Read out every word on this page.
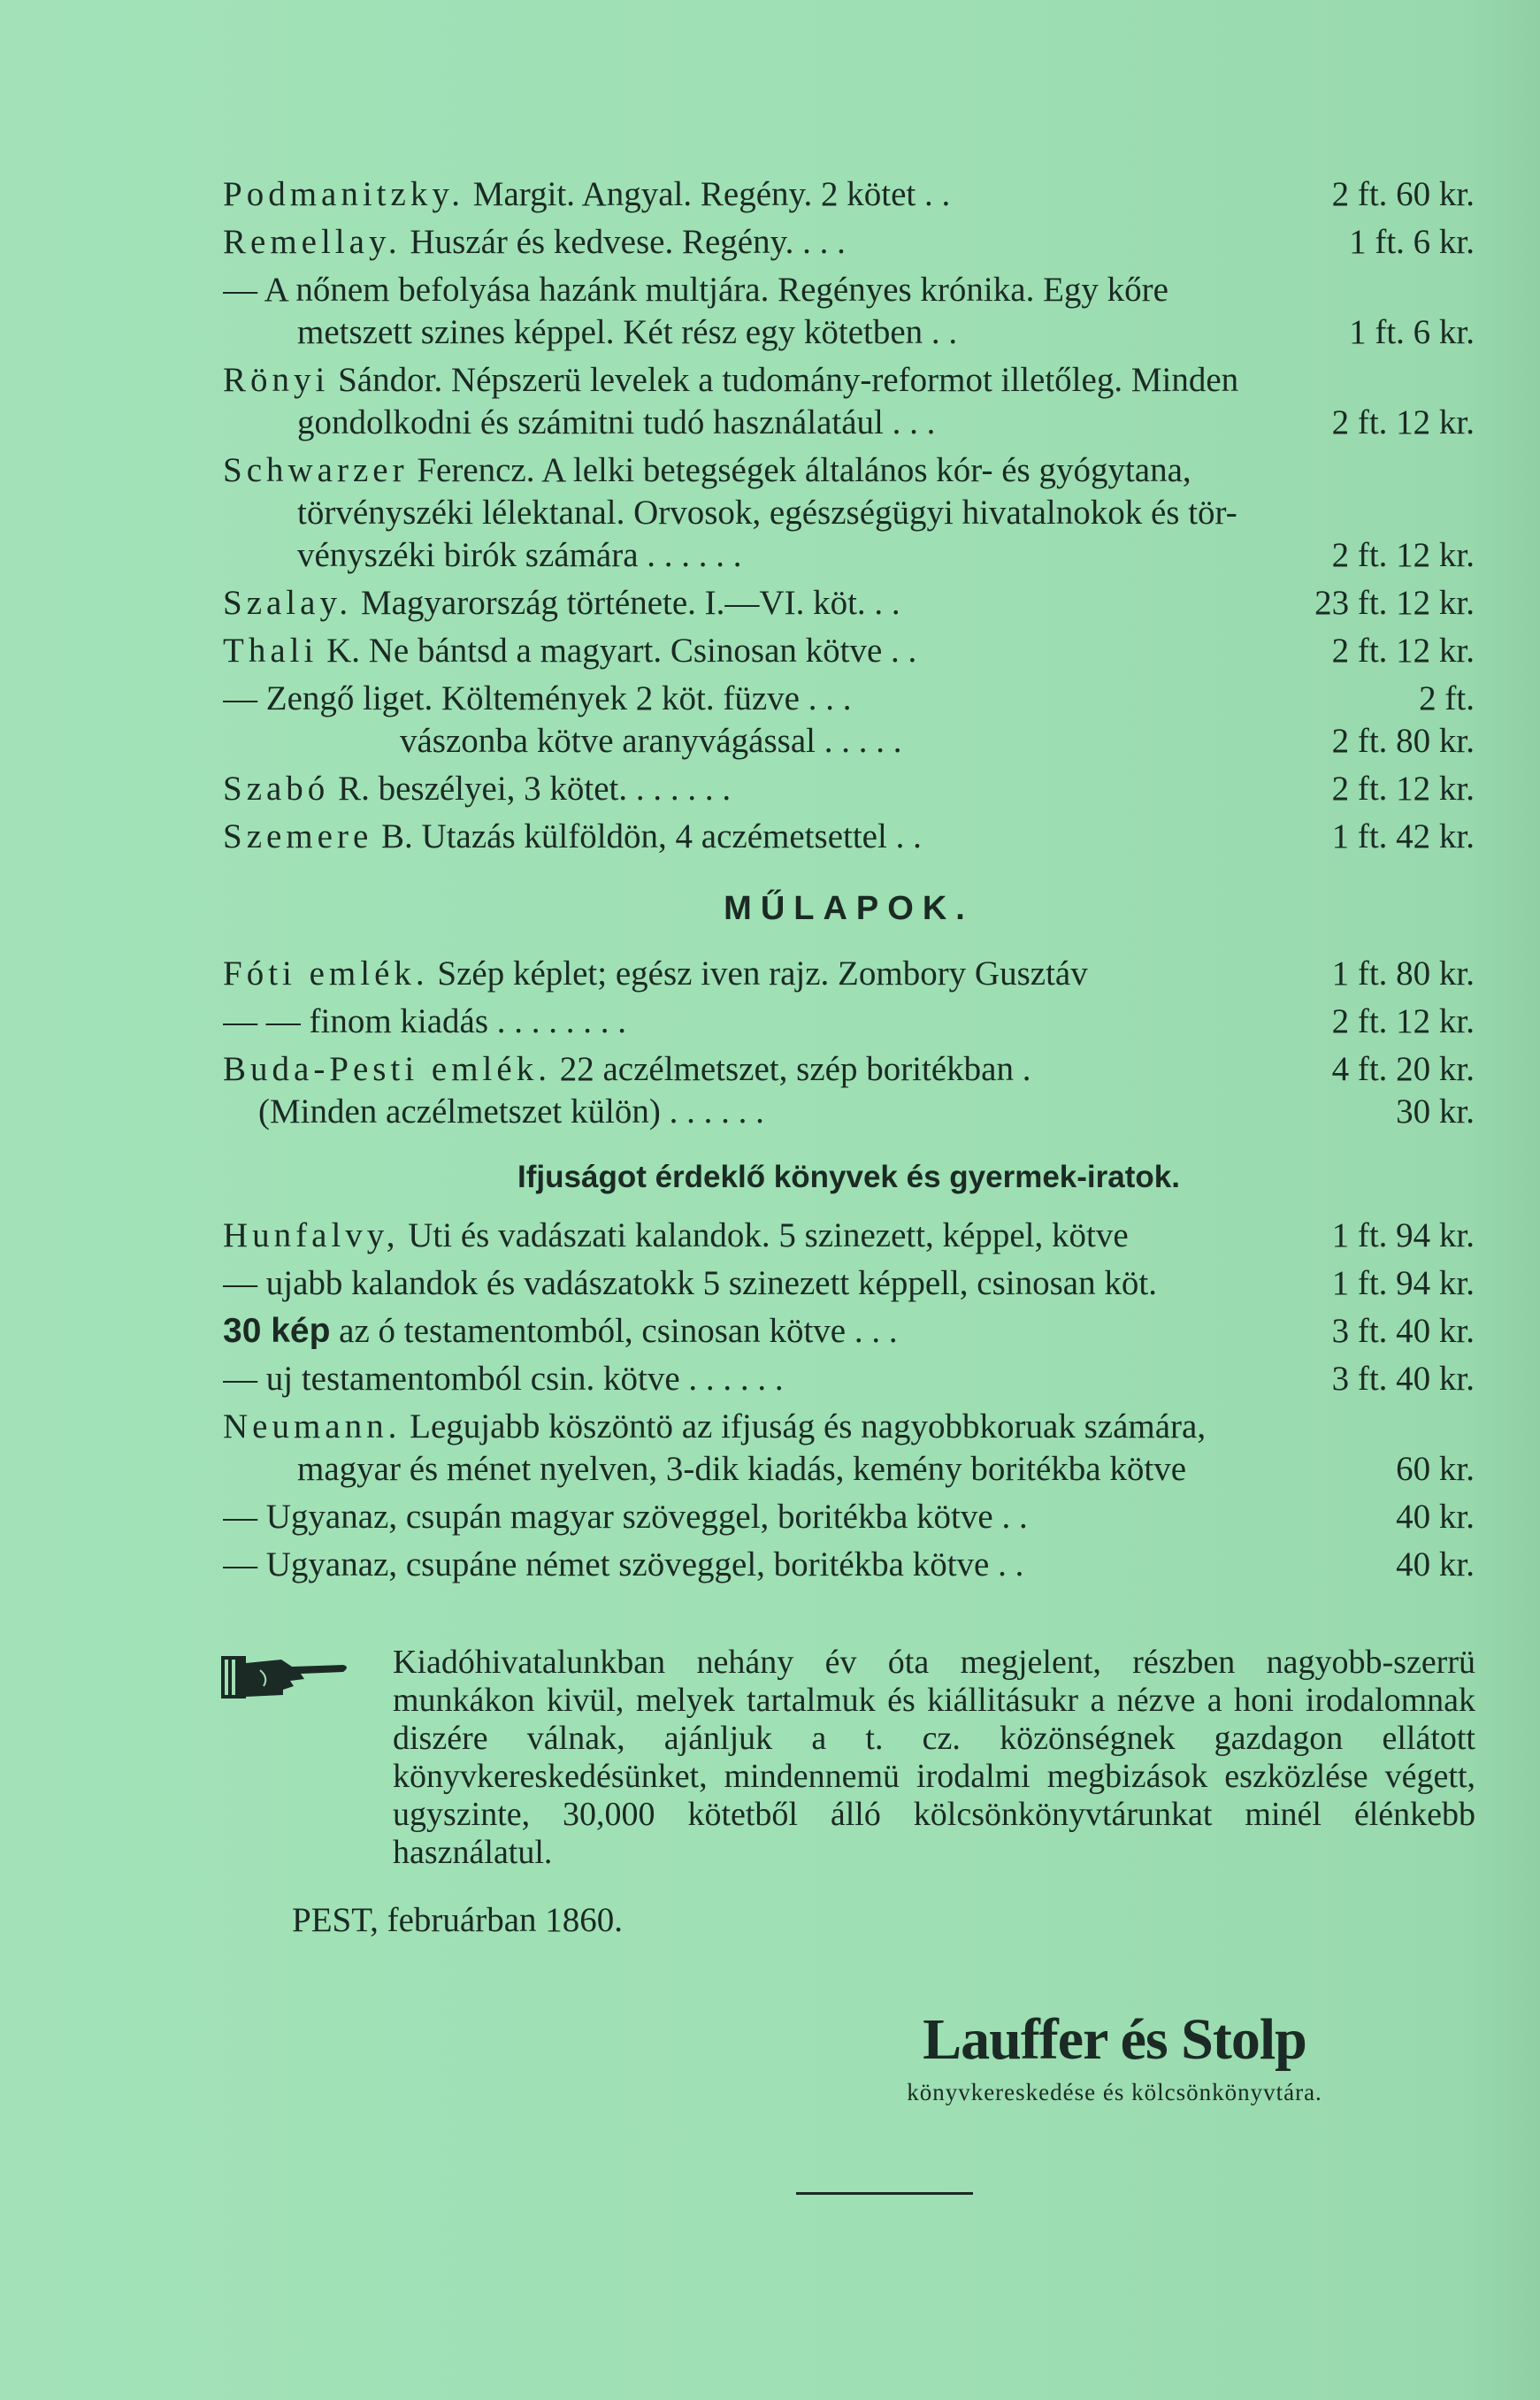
Podmanitzky. Margit. Angyal. Regény. 2 kötet . .	2 ft. 60 kr.
Remellay. Huszár és kedvese. Regény. . . .	1 ft. 6 kr.
— A nőnem befolyása hazánk multjára. Regényes krónika. Egy kőre
metszett szines képpel. Két rész egy kötetben . .	1 ft. 6 kr.
Rönyi Sándor. Népszerü levelek a tudomány-reformot illetőleg. Minden
gondolkodni és számitni tudó használatául . . .	2 ft. 12 kr.
Schwarzer Ferencz. A lelki betegségek általános kór- és gyógytana,
törvényszéki lélektanal. Orvosok, egészségügyi hivatalnokok és tör-
vényszéki birók számára . . . . . .	2 ft. 12 kr.
Szalay. Magyarország története. I.—VI. köt. . .	23 ft. 12 kr.
Thali K. Ne bántsd a magyart. Csinosan kötve . .	2 ft. 12 kr.
— Zengő liget. Költemények 2 köt. füzve . . .	2 ft.
vászonba kötve aranyvágással . . . . .	2 ft. 80 kr.
Szabó R. beszélyei, 3 kötet. . . . . . .	2 ft. 12 kr.
Szemere B. Utazás külföldön, 4 aczémetsettel . .	1 ft. 42 kr.
MŰLAPOK.
Fóti emlék. Szép képlet; egész iven rajz. Zombory Gusztáv	1 ft. 80 kr.
— — finom kiadás . . . . . . . .	2 ft. 12 kr.
Buda-Pesti emlék. 22 aczélmetszet, szép boritékban .	4 ft. 20 kr.
(Minden aczélmetszet külön) . . . . . .	30 kr.
Ifjuságot érdeklő könyvek és gyermek-iratok.
Hunfalvy, Uti és vadászati kalandok. 5 szinezett, képpel, kötve	1 ft. 94 kr.
— ujabb kalandok és vadászatokk 5 szinezett képpell, csinosan köt.	1 ft. 94 kr.
30 kép az ó testamentomból, csinosan kötve . . .	3 ft. 40 kr.
— uj testamentomból csin. kötve . . . . . .	3 ft. 40 kr.
Neumann. Legujabb köszöntö az ifjuság és nagyobbkoruak számára,
magyar és ménet nyelven, 3-dik kiadás, kemény boritékba kötve	60 kr.
— Ugyanaz, csupán magyar szöveggel, boritékba kötve . .	40 kr.
— Ugyanaz, csupáne német szöveggel, boritékba kötve . .	40 kr.
Kiadóhivatalunkban nehány év óta megjelent, részben nagyobb-szerrü munkákon kivül, melyek tartalmuk és kiállitásukr a nézve a honi irodalomnak diszére válnak, ajánljuk a t. cz. közönségnek gazdagon ellátott könyvkereskedésünket, mindennemü irodalmi megbizások eszközlése végett, ugyszinte, 30,000 kötetből álló kölcsönkönyvtárunkat minél élénkebb használatul.
PEST, februárban 1860.
Lauffer és Stolp
könyvkereskedése és kölcsönkönyvtára.
